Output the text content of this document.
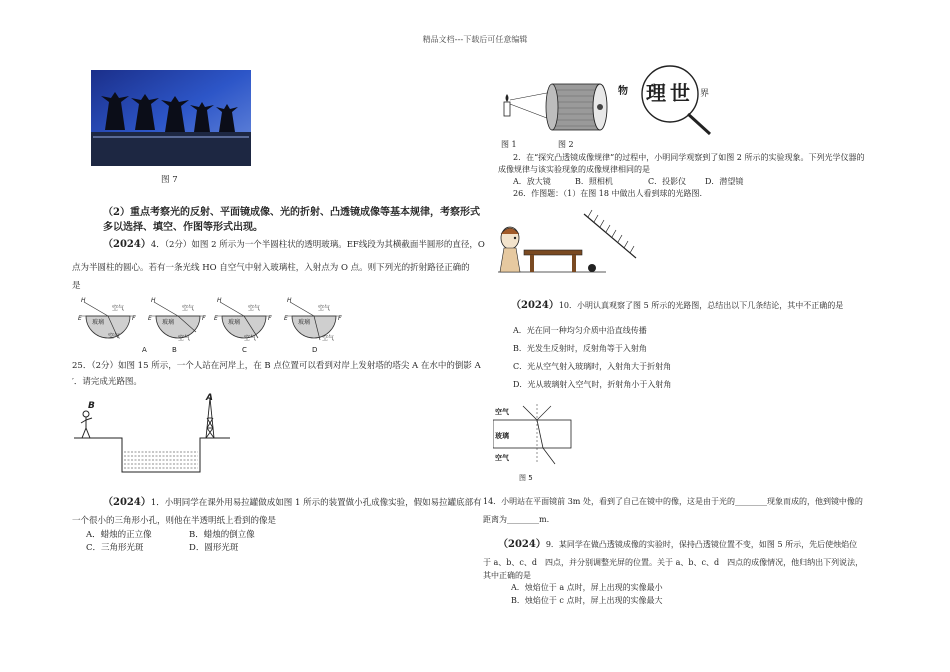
精品文档---下载后可任意编辑
图 7
（2）重点考察光的反射、平面镜成像、光的折射、凸透镜成像等基本规律，考察形式
多以选择、填空、作图等形式出现。
（2024）4．（2分）如图 2 所示为一个半圆柱状的透明玻璃。EF线段为其横截面半圆形的直径，O
点为半圆柱的圆心。若有一条光线 HO 自空气中射入玻璃柱，入射点为 O 点。则下列光的折射路径正确的
是
H
E	F
空气
玻璃
空气
H
E	F
空气
玻璃
空气
H
E	F
空气
玻璃
空气
H
E	F
空气
玻璃
空气
A	B	C	D
25．（2分）如图 15 所示，一个人站在河岸上，在 B 点位置可以看到对岸上发射塔的塔尖 A 在水中的倒影 A
′．请完成光路图。
B
A
（2024）1．小明同学在课外用易拉罐做成如图 1 所示的装置做小孔成像实验，假如易拉罐底部有
一个很小的三角形小孔，则他在半透明纸上看到的像是
A．蜡烛的正立像	B．蜡烛的倒立像
C．三角形光斑	D．圆形光斑
物 理 世 界
图 1	图 2
2．在“探究凸透镜成像规律”的过程中，小明同学观察到了如图 2 所示的实验现象。下列光学仪器的
成像规律与该实验现象的成像规律相同的是
A．放大镜	B．照相机	C．投影仪 D．潜望镜
26．作图题：（1）在图 18 中做出人看到球的光路图.
（2024）10．小明认真观察了图 5 所示的光路图，总结出以下几条结论，其中不正确的是
A．光在同一种均匀介质中沿直线传播
B．光发生反射时，反射角等于入射角
C．光从空气射入玻璃时，入射角大于折射角
D．光从玻璃射入空气时，折射角小于入射角
空气
玻璃
空气
图 5
14．小明站在平面镜前 3m 处，看到了自己在镜中的像，这是由于光的________现象而成的，他到镜中像的
距离为________m.
（2024）9．某同学在做凸透镜成像的实验时，保持凸透镜位置不变，如图 5 所示，先后使烛焰位
于 a、b、c、d　四点，并分别调整光屏的位置。关于 a、b、c、d　四点的成像情况，他归纳出下列说法，
其中正确的是
A．烛焰位于 a 点时，屏上出现的实像最小
B．烛焰位于 c 点时，屏上出现的实像最大
